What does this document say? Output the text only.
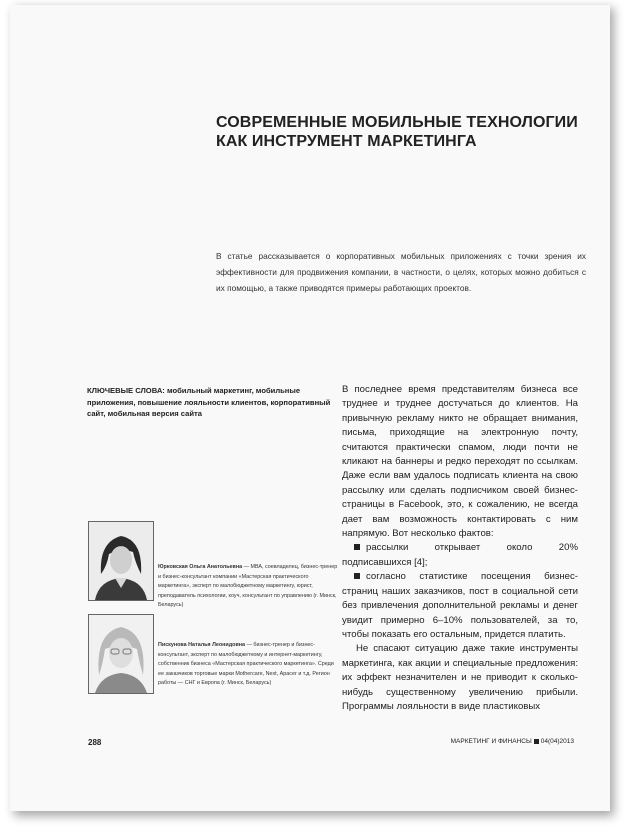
СОВРЕМЕННЫЕ МОБИЛЬНЫЕ ТЕХНОЛОГИИ
КАК ИНСТРУМЕНТ МАРКЕТИНГА
В статье рассказывается о корпоративных мобильных приложениях с точки зрения их эффективности для продвижения компании, в частности, о целях, которых можно добиться с их помощью, а также приводятся примеры работающих проектов.
КЛЮЧЕВЫЕ СЛОВА: мобильный маркетинг, мобильные приложения, повышение лояльности клиентов, корпоративный сайт, мобильная версия сайта
Юрковская Ольга Анатольевна — МВА, соевладелец, бизнес-тренер и бизнес-консультант компании «Мастерская практического маркетинга», эксперт по малобюджетному маркетингу, юрист, преподаватель психологии, коуч, консультант по управлению (г. Минск, Беларусь)
Пискунова Наталья Леонидовна — бизнес-тренер и бизнес-консультант, эксперт по малобюджетному и интернет-маркетингу, собственник бизнеса «Мастерская практического маркетинга». Среди ее заказчиков торговые марки Mothercare, Next, Арасег и т.д. Регион работы — СНГ и Европа (г. Минск, Беларусь)

В последнее время представителям бизнеса все труднее и труднее достучаться до клиентов. На привычную рекламу никто не обращает внимания, письма, приходящие на электронную почту, считаются практически спамом, люди почти не кликают на баннеры и редко переходят по ссылкам. Даже если вам удалось подписать клиента на свою рассылку или сделать подписчиком своей бизнес-страницы в Facebook, это, к сожалению, не всегда дает вам возможность контактировать с ним напрямую. Вот несколько фактов:

рассылки открывает около 20% подписавшихся [4];

согласно статистике посещения бизнес-страниц наших заказчиков, пост в социальной сети без привлечения дополнительной рекламы и денег увидит примерно 6–10% пользователей, за то, чтобы показать его остальным, придется платить.

Не спасают ситуацию даже такие инструменты маркетинга, как акции и специальные предложения: их эффект незначителен и не приводит к сколько-нибудь существенному увеличению прибыли. Программы лояльности в виде пластиковых

288	МАРКЕТИНГ И ФИНАНСЫ 04(04)2013
